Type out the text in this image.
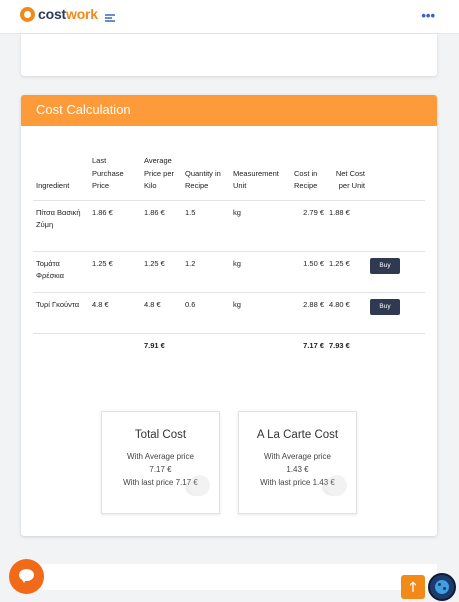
costwork	•••
Cost Calculation
Ingredient	Last Purchase Price	Average Price per Kilo	Quantity in Recipe	Measurement Unit	Cost in Recipe	Net Cost per Unit	
Πίτσα Βασική Ζύμη	1.86 €	1.86 €	1.5	kg	2.79 €	1.88 €	
Τομάτα Φρέσκια	1.25 €	1.25 €	1.2	kg	1.50 €	1.25 €	Buy
Τυρί Γκούντα	4.8 €	4.8 €	0.6	kg	2.88 €	4.80 €	Buy
		7.91 €			7.17 €	7.93 €	
Total Cost
With Average price
7.17 €
With last price 7.17 €
A La Carte Cost
With Average price
1.43 €
With last price 1.43 €
🡑
